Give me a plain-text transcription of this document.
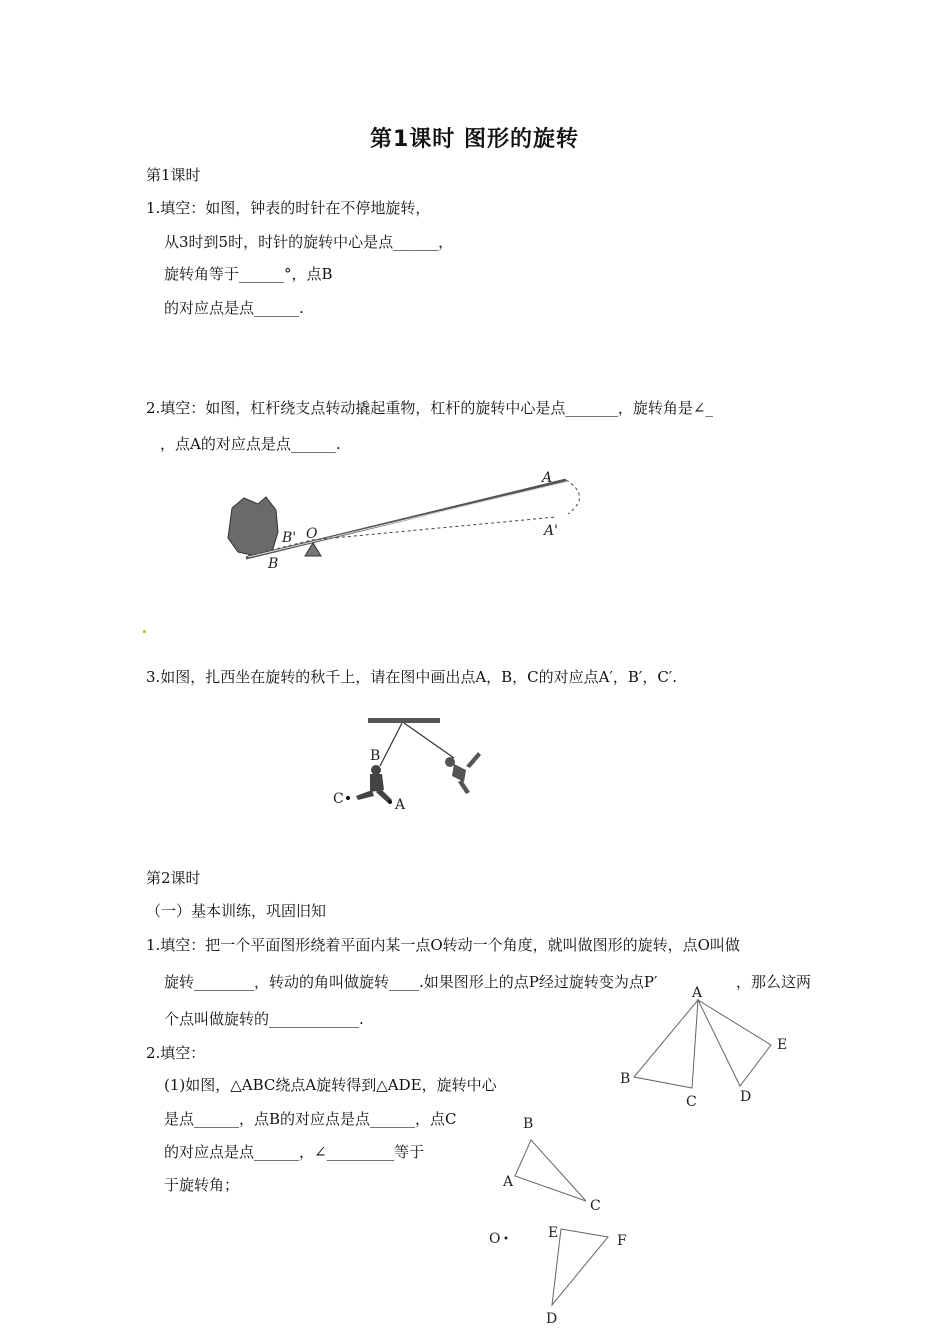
第1课时 图形的旋转
第1课时
1.填空：如图，钟表的时针在不停地旋转，
从3时到5时，时针的旋转中心是点______，
旋转角等于______°，点B
的对应点是点______.
2.填空：如图，杠杆绕支点转动撬起重物，杠杆的旋转中心是点_______，旋转角是∠_
，点A的对应点是点______.
A
A'
B' O
B
3.如图，扎西坐在旋转的秋千上，请在图中画出点A，B，C的对应点A′，B′，C′.
B
C	A
第2课时
（一）基本训练，巩固旧知
1.填空：把一个平面图形绕着平面内某一点O转动一个角度，就叫做图形的旋转，点O叫做
旋转________，转动的角叫做旋转____.如果图形上的点P经过旋转变为点P′	，那么这两
个点叫做旋转的____________.
2.填空：
(1)如图，△ABC绕点A旋转得到△ADE，旋转中心
是点______，点B的对应点是点______，点C
的对应点是点______，∠_________等于
于旋转角；
A
B
C	D
E
B
A
C
O	E	F
D
